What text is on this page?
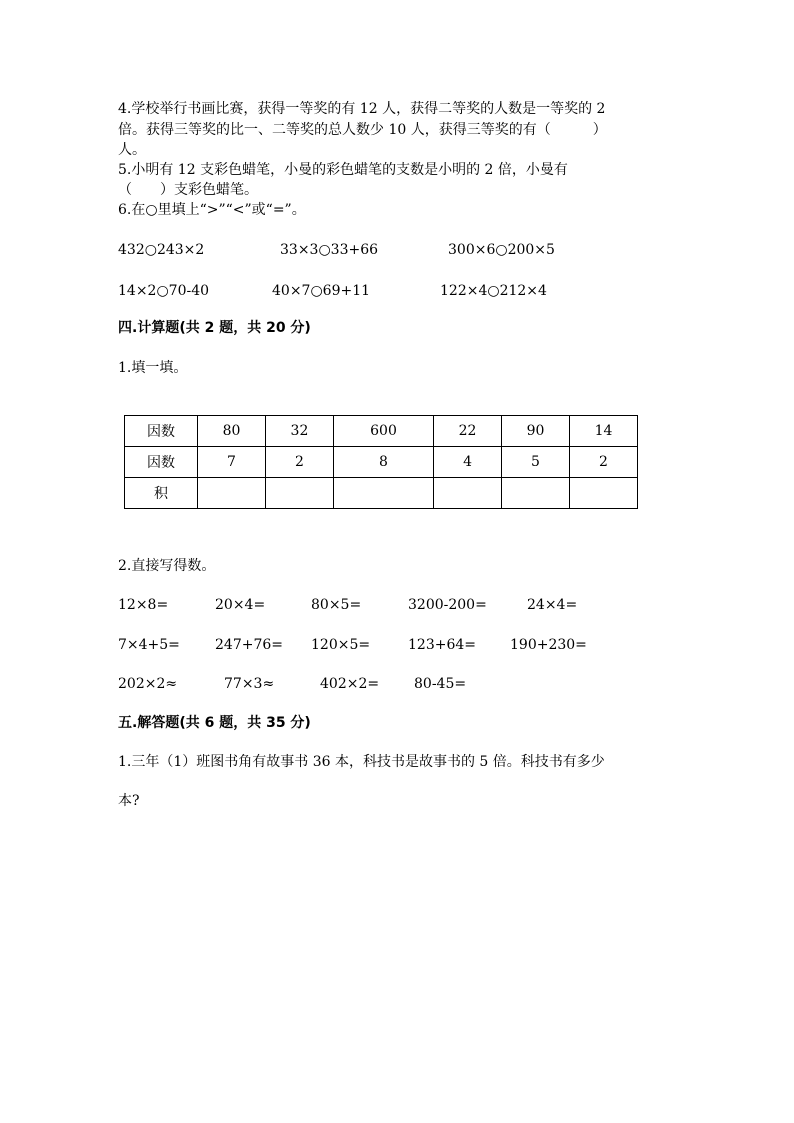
4.学校举行书画比赛，获得一等奖的有 12 人，获得二等奖的人数是一等奖的 2
倍。获得三等奖的比一、二等奖的总人数少 10 人，获得三等奖的有（　　　）
人。
5.小明有 12 支彩色蜡笔，小曼的彩色蜡笔的支数是小明的 2 倍，小曼有
（　　）支彩色蜡笔。
6.在○里填上“>”“<”或“=”。
432○243×2	33×3○33+66	300×6○200×5
14×2○70-40	40×7○69+11	122×4○212×4
四.计算题(共 2 题，共 20 分)
1.填一填。
因数	80	32	600	22	90	14
因数	7	2	8	4	5	2
积						
2.直接写得数。
12×8=	20×4=	80×5=	3200-200=	24×4=
7×4+5=	247+76= 120×5=	123+64= 190+230=
202×2≈	77×3≈	402×2= 80-45=
五.解答题(共 6 题，共 35 分)
1.三年（1）班图书角有故事书 36 本，科技书是故事书的 5 倍。科技书有多少
本?
